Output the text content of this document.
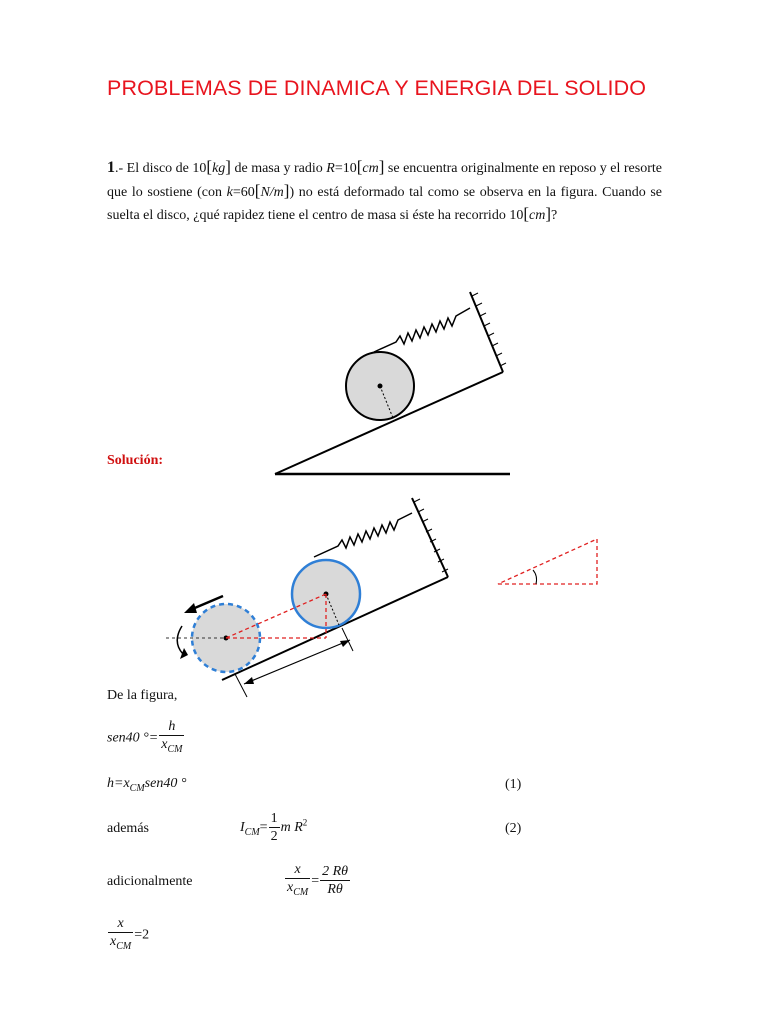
PROBLEMAS DE DINAMICA Y ENERGIA DEL SOLIDO
1.- El disco de 10[kg] de masa y radio R=10[cm] se encuentra originalmente en reposo y el resorte que lo sostiene (con k=60[N/m]) no está deformado tal como se observa en la figura. Cuando se suelta el disco, ¿qué rapidez tiene el centro de masa si éste ha recorrido 10[cm]?
Solución:
De la figura,
sen40 °= $\frac{h}{x_{CM}}$
$h=x_{CM}sen40$ °	(1)
además	$I_{CM}= \frac{1}{2}$ m $R^2$	(2)
adicionalmente	$\frac{x}{x_{CM}} = \frac{2 R\theta}{R\theta}$
$\frac{x}{x_{CM}} =2$
